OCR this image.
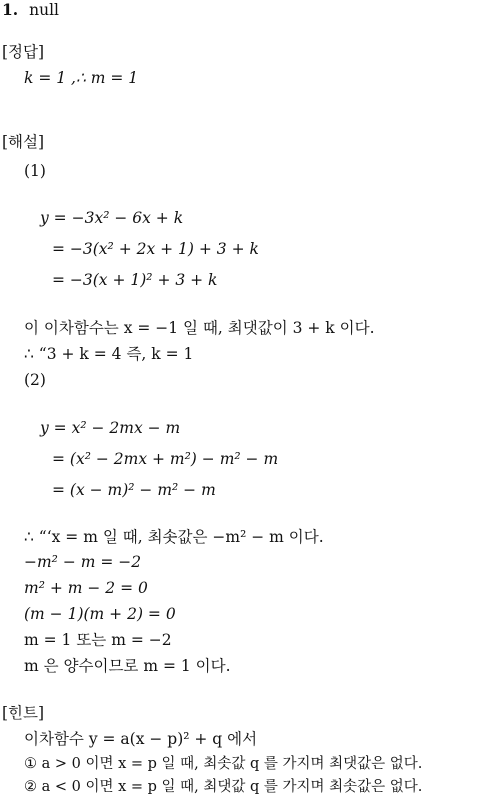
1. null
[정답]
k = 1 ,∴ m = 1
[해설]
(1)
y = −3x² − 6x + k
= −3(x² + 2x + 1) + 3 + k
= −3(x + 1)² + 3 + k
이 이차함수는 x = −1 일 때, 최댓값이 3 + k 이다.
∴ “3 + k = 4 즉, k = 1
(2)
y = x² − 2mx − m
= (x² − 2mx + m²) − m² − m
= (x − m)² − m² − m
∴ “‘x = m 일 때, 최솟값은 −m² − m 이다.
−m² − m = −2
m² + m − 2 = 0
(m − 1)(m + 2) = 0
m = 1 또는 m = −2
m 은 양수이므로 m = 1 이다.
[힌트]
이차함수 y = a(x − p)² + q 에서
① a > 0 이면 x = p 일 때, 최솟값 q 를 가지며 최댓값은 없다.
② a < 0 이면 x = p 일 때, 최댓값 q 를 가지며 최솟값은 없다.
